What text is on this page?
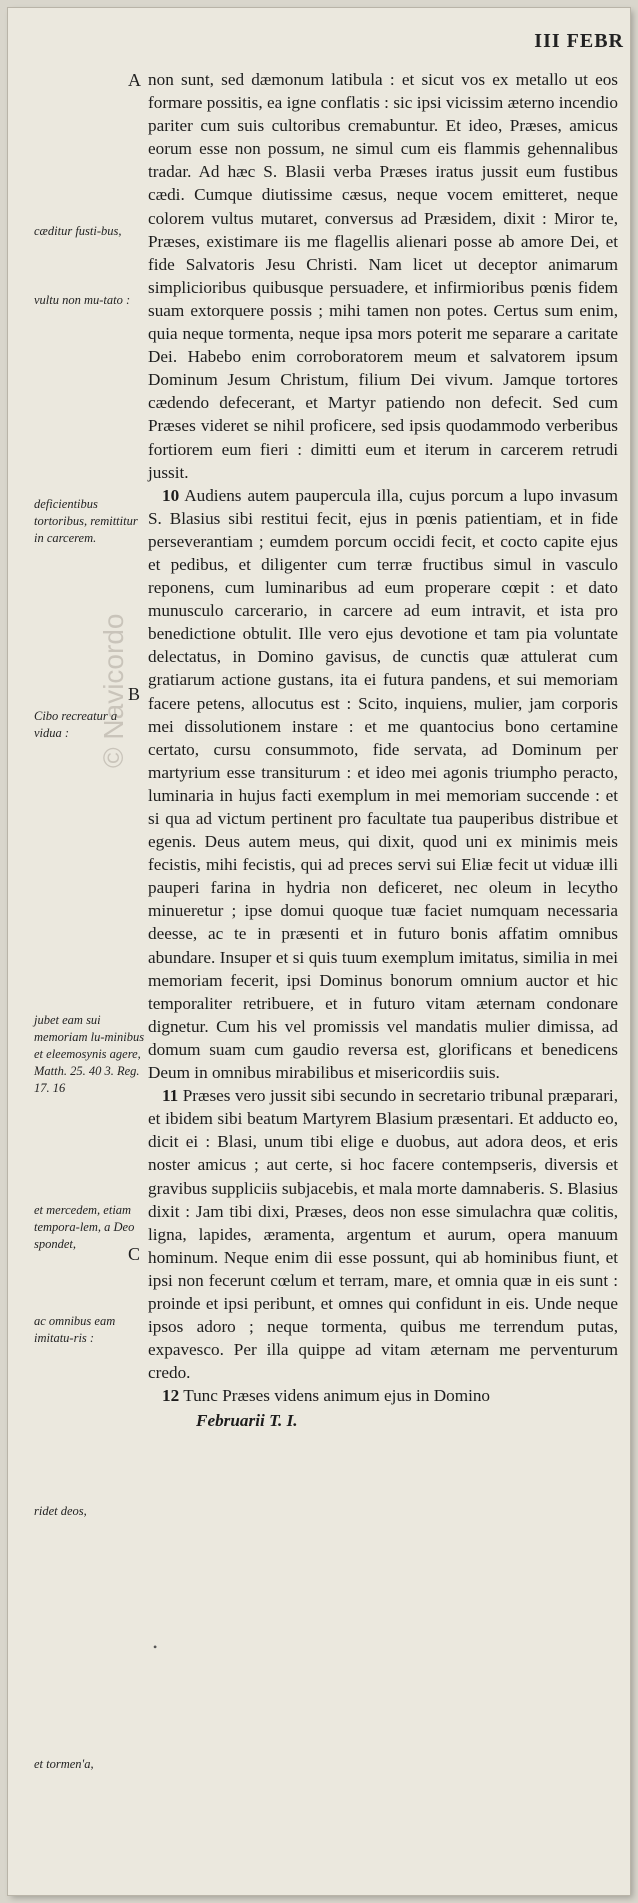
III FEBR
A
B
C
cæditur fusti-bus,
vultu non mu-tato :
deficientibus tortoribus, remittitur in carcerem.
Cibo recreatur a vidua :
jubet eam sui memoriam lu-minibus et eleemosynis agere, Matth. 25. 40 3. Reg. 17. 16
et mercedem, etiam tempora-lem, a Deo spondet,
ac omnibus eam imitatu-ris :
ridet deos,
et tormen'a,
© Navicordo
•

non sunt, sed dæmonum latibula : et sicut vos ex metallo ut eos formare possitis, ea igne conflatis : sic ipsi vicissim æterno incendio pariter cum suis cultoribus cremabuntur. Et ideo, Præses, amicus eorum esse non possum, ne simul cum eis flammis gehennalibus tradar. Ad hæc S. Blasii verba Præses iratus jussit eum fustibus cædi. Cumque diutissime cæsus, neque vocem emitteret, neque colorem vultus mutaret, conversus ad Præsidem, dixit : Miror te, Præses, existimare iis me flagellis alienari posse ab amore Dei, et fide Salvatoris Jesu Christi. Nam licet ut deceptor animarum simplicioribus quibusque persuadere, et infirmioribus pœnis fidem suam extorquere possis ; mihi tamen non potes. Certus sum enim, quia neque tormenta, neque ipsa mors poterit me separare a caritate Dei. Habebo enim corroboratorem meum et salvatorem ipsum Dominum Jesum Christum, filium Dei vivum. Jamque tortores cædendo defecerant, et Martyr patiendo non defecit. Sed cum Præses videret se nihil proficere, sed ipsis quodammodo verberibus fortiorem eum fieri : dimitti eum et iterum in carcerem retrudi jussit.

10 Audiens autem paupercula illa, cujus porcum a lupo invasum S. Blasius sibi restitui fecit, ejus in pœnis patientiam, et in fide perseverantiam ; eumdem porcum occidi fecit, et cocto capite ejus et pedibus, et diligenter cum terræ fructibus simul in vasculo reponens, cum luminaribus ad eum properare cœpit : et dato munusculo carcerario, in carcere ad eum intravit, et ista pro benedictione obtulit. Ille vero ejus devotione et tam pia voluntate delectatus, in Domino gavisus, de cunctis quæ attulerat cum gratiarum actione gustans, ita ei futura pandens, et sui memoriam facere petens, allocutus est : Scito, inquiens, mulier, jam corporis mei dissolutionem instare : et me quantocius bono certamine certato, cursu consummoto, fide servata, ad Dominum per martyrium esse transiturum : et ideo mei agonis triumpho peracto, luminaria in hujus facti exemplum in mei memoriam succende : et si qua ad victum pertinent pro facultate tua pauperibus distribue et egenis. Deus autem meus, qui dixit, quod uni ex minimis meis fecistis, mihi fecistis, qui ad preces servi sui Eliæ fecit ut viduæ illi pauperi farina in hydria non deficeret, nec oleum in lecytho minueretur ; ipse domui quoque tuæ faciet numquam necessaria deesse, ac te in præsenti et in futuro bonis affatim omnibus abundare. Insuper et si quis tuum exemplum imitatus, similia in mei memoriam fecerit, ipsi Dominus bonorum omnium auctor et hic temporaliter retribuere, et in futuro vitam æternam condonare dignetur. Cum his vel promissis vel mandatis mulier dimissa, ad domum suam cum gaudio reversa est, glorificans et benedicens Deum in omnibus mirabilibus et misericordiis suis.

11 Præses vero jussit sibi secundo in secretario tribunal præparari, et ibidem sibi beatum Martyrem Blasium præsentari. Et adducto eo, dicit ei : Blasi, unum tibi elige e duobus, aut adora deos, et eris noster amicus ; aut certe, si hoc facere contempseris, diversis et gravibus suppliciis subjacebis, et mala morte damnaberis. S. Blasius dixit : Jam tibi dixi, Præses, deos non esse simulachra quæ colitis, ligna, lapides, æramenta, argentum et aurum, opera manuum hominum. Neque enim dii esse possunt, qui ab hominibus fiunt, et ipsi non fecerunt cœlum et terram, mare, et omnia quæ in eis sunt : proinde et ipsi peribunt, et omnes qui confidunt in eis. Unde neque ipsos adoro ; neque tormenta, quibus me terrendum putas, expavesco. Per illa quippe ad vitam æternam me perventurum credo.

12 Tunc Præses videns animum ejus in Domino

Februarii T. I.
